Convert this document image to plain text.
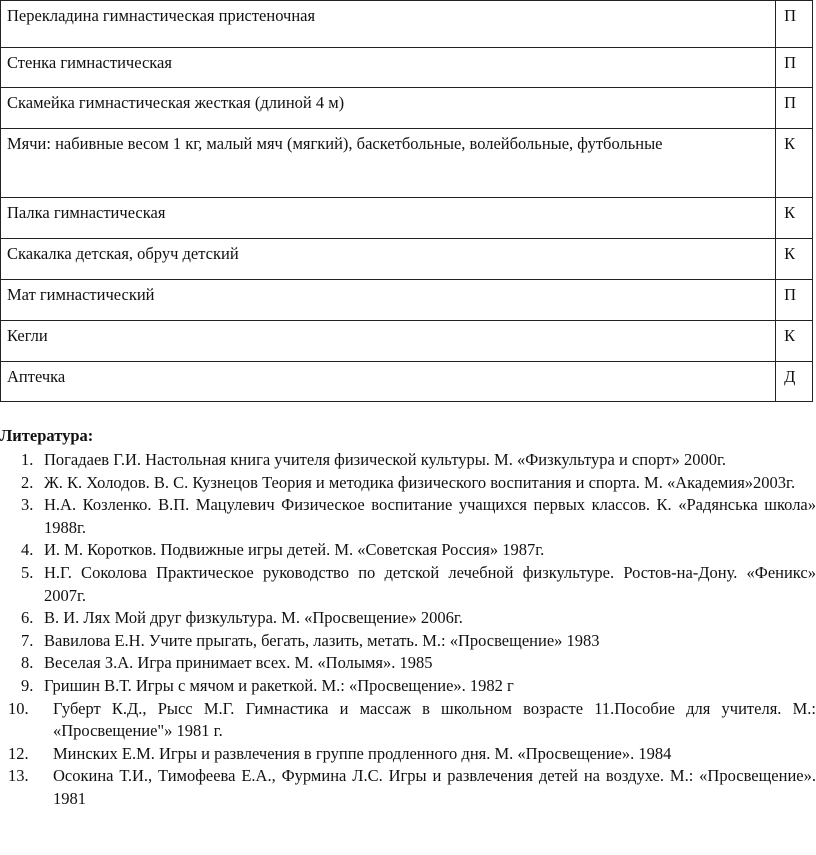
Перекладина гимнастическая пристеночная	П
Стенка гимнастическая	П
Скамейка гимнастическая жесткая (длиной 4 м)	П
Мячи: набивные весом 1 кг, малый мяч (мягкий), баскетбольные, волейбольные, футбольные	К
Палка гимнастическая	К
Скакалка детская, обруч детский	К
Мат гимнастический	П
Кегли	К
Аптечка	Д
Литература:
1. Погадаев Г.И. Настольная книга учителя физической культуры. М. «Физкультура и спорт» 2000г.
2. Ж. К. Холодов. В. С. Кузнецов Теория и методика физического воспитания и спорта. М. «Академия»2003г.
3. Н.А. Козленко. В.П. Мацулевич Физическое воспитание учащихся первых классов. К. «Радянська школа» 1988г.
4. И. М. Коротков. Подвижные игры детей. М. «Советская Россия» 1987г.
5. Н.Г. Соколова Практическое руководство по детской лечебной физкультуре. Ростов-на-Дону. «Феникс» 2007г.
6. В. И. Лях Мой друг физкультура. М. «Просвещение» 2006г.
7. Вавилова Е.Н. Учите прыгать, бегать, лазить, метать. М.: «Просвещение» 1983
8. Веселая З.А. Игра принимает всех. М. «Полымя». 1985
9. Гришин В.Т. Игры с мячом и ракеткой. М.: «Просвещение». 1982 г
10. Губерт К.Д., Рысс М.Г. Гимнастика и массаж в школьном возрасте 11.Пособие для учителя. М.: «Просвещение"» 1981 г.
12. Минских Е.М. Игры и развлечения в группе продленного дня. М. «Просвещение». 1984
13. Осокина Т.И., Тимофеева Е.А., Фурмина Л.С. Игры и развлечения детей на воздухе. М.: «Просвещение». 1981
